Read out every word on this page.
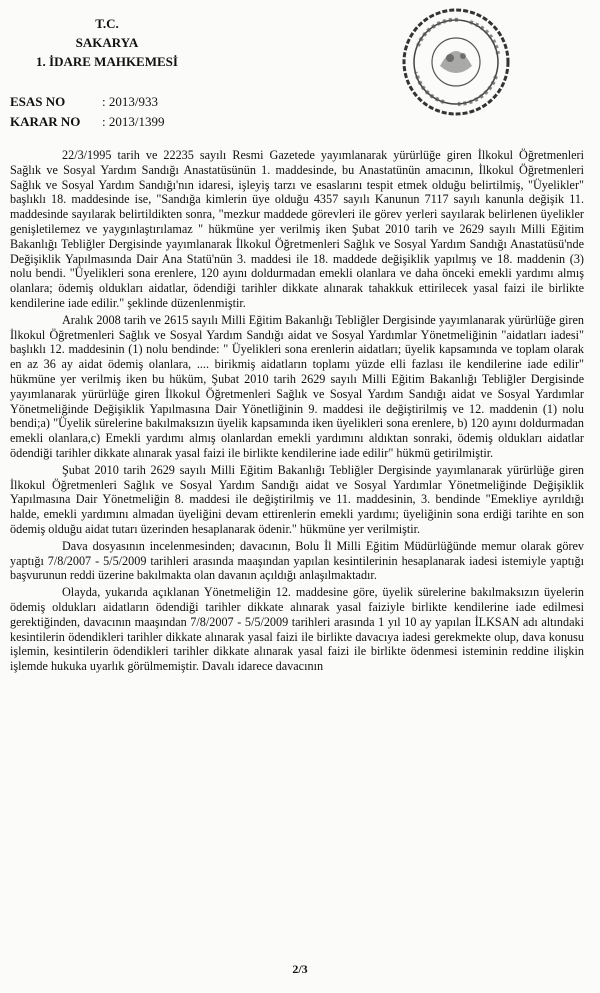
T.C.
SAKARYA
1. İDARE MAHKEMESİ
ESAS NO	: 2013/933
KARAR NO	: 2013/1399

22/3/1995 tarih ve 22235 sayılı Resmi Gazetede yayımlanarak yürürlüğe giren İlkokul Öğretmenleri Sağlık ve Sosyal Yardım Sandığı Anastatüsünün 1. maddesinde, bu Anastatünün amacının, İlkokul Öğretmenleri Sağlık ve Sosyal Yardım Sandığı'nın idaresi, işleyiş tarzı ve esaslarını tespit etmek olduğu belirtilmiş, "Üyelikler" başlıklı 18. maddesinde ise, "Sandığa kimlerin üye olduğu 4357 sayılı Kanunun 7117 sayılı kanunla değişik 11. maddesinde sayılarak belirtildikten sonra, "mezkur maddede görevleri ile görev yerleri sayılarak belirlenen üyelikler genişletilemez ve yaygınlaştırılamaz " hükmüne yer verilmiş iken Şubat 2010 tarih ve 2629 sayılı Milli Eğitim Bakanlığı Tebliğler Dergisinde yayımlanarak İlkokul Öğretmenleri Sağlık ve Sosyal Yardım Sandığı Anastatüsü'nde Değişiklik Yapılmasında Dair Ana Statü'nün 3. maddesi ile 18. maddede değişiklik yapılmış ve 18. maddenin (3) nolu bendi. "Üyelikleri sona erenlere, 120 ayını doldurmadan emekli olanlara ve daha önceki emekli yardımı almış olanlara; ödemiş oldukları aidatlar, ödendiği tarihler dikkate alınarak tahakkuk ettirilecek yasal faizi ile birlikte kendilerine iade edilir." şeklinde düzenlenmiştir.

Aralık 2008 tarih ve 2615 sayılı Milli Eğitim Bakanlığı Tebliğler Dergisinde yayımlanarak yürürlüğe giren İlkokul Öğretmenleri Sağlık ve Sosyal Yardım Sandığı aidat ve Sosyal Yardımlar Yönetmeliğinin "aidatları iadesi" başlıklı 12. maddesinin (1) nolu bendinde: " Üyelikleri sona erenlerin aidatları; üyelik kapsamında ve toplam olarak en az 36 ay aidat ödemiş olanlara, .... birikmiş aidatların toplamı yüzde elli fazlası ile kendilerine iade edilir" hükmüne yer verilmiş iken bu hüküm, Şubat 2010 tarih 2629 sayılı Milli Eğitim Bakanlığı Tebliğler Dergisinde yayımlanarak yürürlüğe giren İlkokul Öğretmenleri Sağlık ve Sosyal Yardım Sandığı aidat ve Sosyal Yardımlar Yönetmeliğinde Değişiklik Yapılmasına Dair Yönetliğinin 9. maddesi ile değiştirilmiş ve 12. maddenin (1) nolu bendi;a) "Üyelik sürelerine bakılmaksızın üyelik kapsamında iken üyelikleri sona erenlere, b) 120 ayını doldurmadan emekli olanlara,c) Emekli yardımı almış olanlardan emekli yardımını aldıktan sonraki, ödemiş oldukları aidatlar ödendiği tarihler dikkate alınarak yasal faizi ile birlikte kendilerine iade edilir" hükmü getirilmiştir.

Şubat 2010 tarih 2629 sayılı Milli Eğitim Bakanlığı Tebliğler Dergisinde yayımlanarak yürürlüğe giren İlkokul Öğretmenleri Sağlık ve Sosyal Yardım Sandığı aidat ve Sosyal Yardımlar Yönetmeliğinde Değişiklik Yapılmasına Dair Yönetmeliğin 8. maddesi ile değiştirilmiş ve 11. maddesinin, 3. bendinde "Emekliye ayrıldığı halde, emekli yardımını almadan üyeliğini devam ettirenlerin emekli yardımı; üyeliğinin sona erdiği tarihte en son ödemiş olduğu aidat tutarı üzerinden hesaplanarak ödenir." hükmüne yer verilmiştir.

Dava dosyasının incelenmesinden; davacının, Bolu İl Milli Eğitim Müdürlüğünde memur olarak görev yaptığı 7/8/2007 - 5/5/2009 tarihleri arasında maaşından yapılan kesintilerinin hesaplanarak iadesi istemiyle yaptığı başvurunun reddi üzerine bakılmakta olan davanın açıldığı anlaşılmaktadır.

Olayda, yukarıda açıklanan Yönetmeliğin 12. maddesine göre, üyelik sürelerine bakılmaksızın üyelerin ödemiş oldukları aidatların ödendiği tarihler dikkate alınarak yasal faiziyle birlikte kendilerine iade edilmesi gerektiğinden, davacının maaşından 7/8/2007 - 5/5/2009 tarihleri arasında 1 yıl 10 ay yapılan İLKSAN adı altındaki kesintilerin ödendikleri tarihler dikkate alınarak yasal faizi ile birlikte davacıya iadesi gerekmekte olup, dava konusu işlemin, kesintilerin ödendikleri tarihler dikkate alınarak yasal faizi ile birlikte ödenmesi isteminin reddine ilişkin işlemde hukuka uyarlık görülmemiştir. Davalı idarece davacının

2/3
